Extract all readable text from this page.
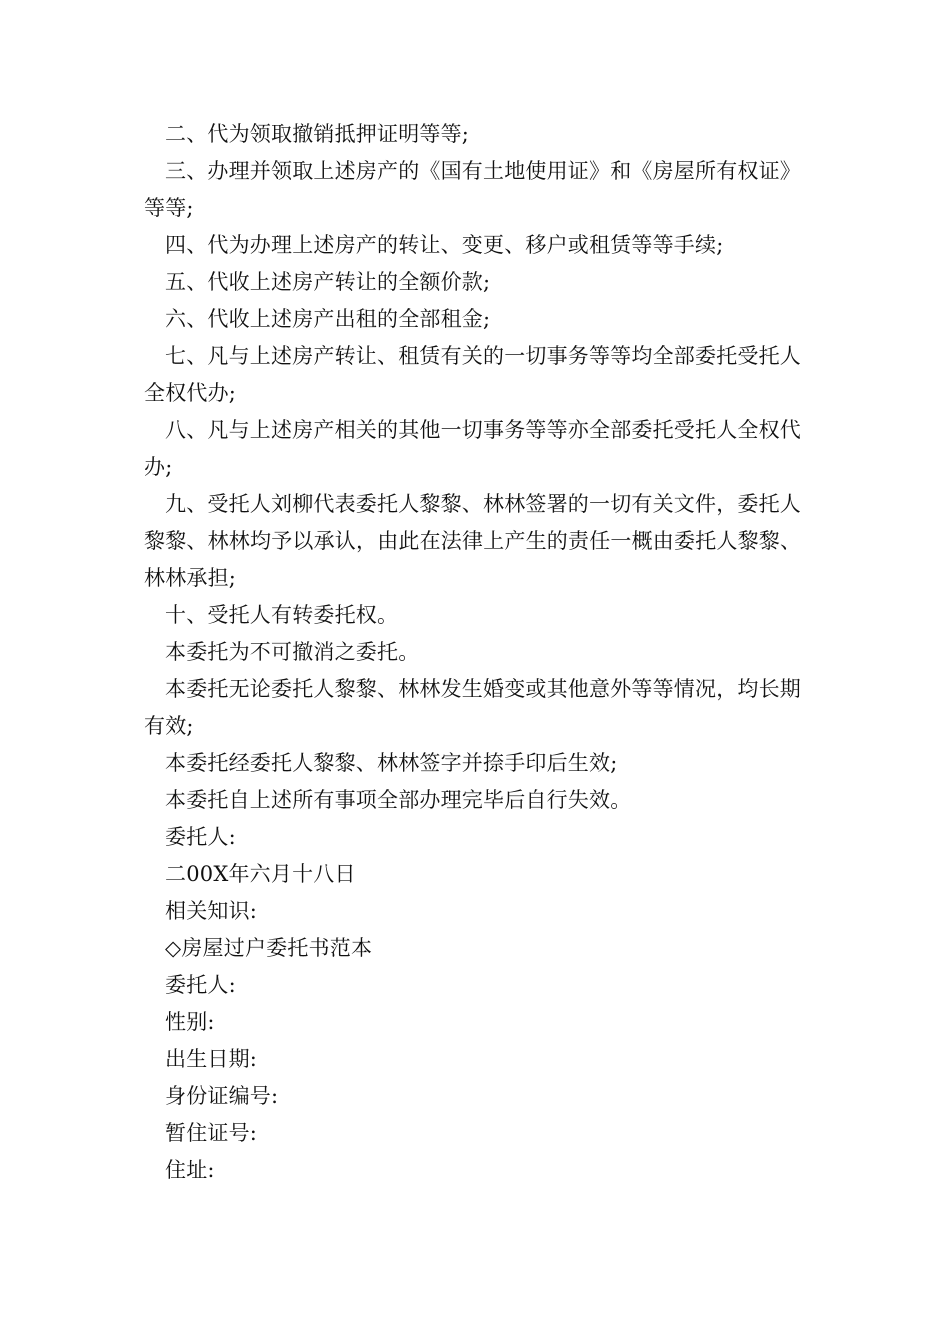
二、代为领取撤销抵押证明等等;

三、办理并领取上述房产的《国有土地使用证》和《房屋所有权证》等等;

四、代为办理上述房产的转让、变更、移户或租赁等等手续;

五、代收上述房产转让的全额价款;

六、代收上述房产出租的全部租金;

七、凡与上述房产转让、租赁有关的一切事务等等均全部委托受托人全权代办;

八、凡与上述房产相关的其他一切事务等等亦全部委托受托人全权代办;

九、受托人刘柳代表委托人黎黎、林林签署的一切有关文件，委托人黎黎、林林均予以承认，由此在法律上产生的责任一概由委托人黎黎、林林承担;

十、受托人有转委托权。

本委托为不可撤消之委托。

本委托无论委托人黎黎、林林发生婚变或其他意外等等情况，均长期有效;

本委托经委托人黎黎、林林签字并捺手印后生效;

本委托自上述所有事项全部办理完毕后自行失效。

委托人:

二00X年六月十八日

相关知识:

◇房屋过户委托书范本

委托人:

性别:

出生日期:

身份证编号:

暂住证号:

住址:
